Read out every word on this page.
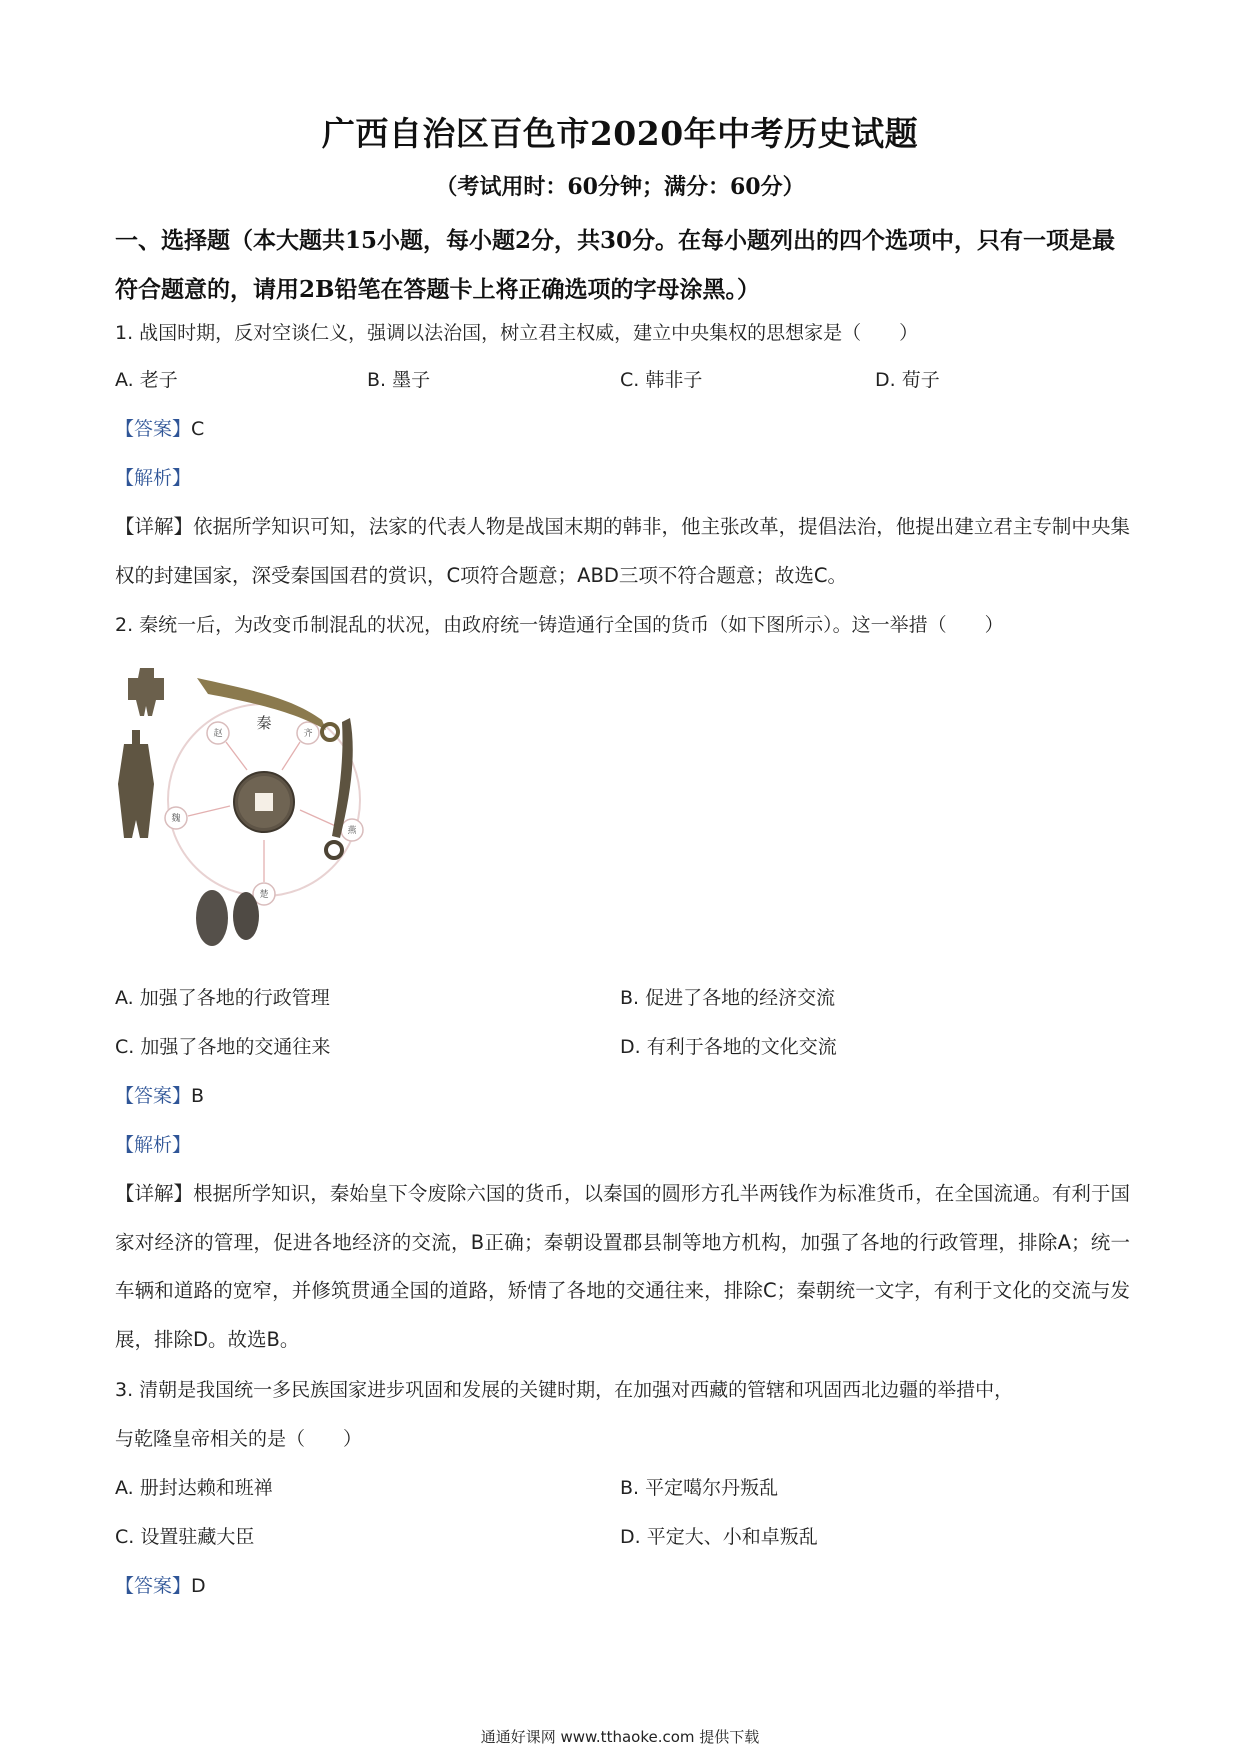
广西自治区百色市2020年中考历史试题
（考试用时：60分钟；满分：60分）
一、选择题（本大题共15小题，每小题2分，共30分。在每小题列出的四个选项中，只有一项是最符合题意的，请用2B铅笔在答题卡上将正确选项的字母涂黑。）
1. 战国时期，反对空谈仁义，强调以法治国，树立君主权威，建立中央集权的思想家是（　　）
A. 老子	B. 墨子	C. 韩非子	D. 荀子
【答案】C
【解析】
【详解】依据所学知识可知，法家的代表人物是战国末期的韩非，他主张改革，提倡法治，他提出建立君主专制中央集权的封建国家，深受秦国国君的赏识，C项符合题意；ABD三项不符合题意；故选C。
2. 秦统一后，为改变币制混乱的状况，由政府统一铸造通行全国的货币（如下图所示）。这一举措（　　）
赵	齐
魏
燕
楚
秦
A. 加强了各地的行政管理	B. 促进了各地的经济交流
C. 加强了各地的交通往来	D. 有利于各地的文化交流
【答案】B
【解析】
【详解】根据所学知识，秦始皇下令废除六国的货币，以秦国的圆形方孔半两钱作为标准货币，在全国流通。有利于国家对经济的管理，促进各地经济的交流，B正确；秦朝设置郡县制等地方机构，加强了各地的行政管理，排除A；统一车辆和道路的宽窄，并修筑贯通全国的道路，矫情了各地的交通往来，排除C；秦朝统一文字，有利于文化的交流与发展，排除D。故选B。
3. 清朝是我国统一多民族国家进步巩固和发展的关键时期，在加强对西藏的管辖和巩固西北边疆的举措中，
与乾隆皇帝相关的是（　　）
A. 册封达赖和班禅	B. 平定噶尔丹叛乱
C. 设置驻藏大臣	D. 平定大、小和卓叛乱
【答案】D
通通好课网 www.tthaoke.com 提供下载
